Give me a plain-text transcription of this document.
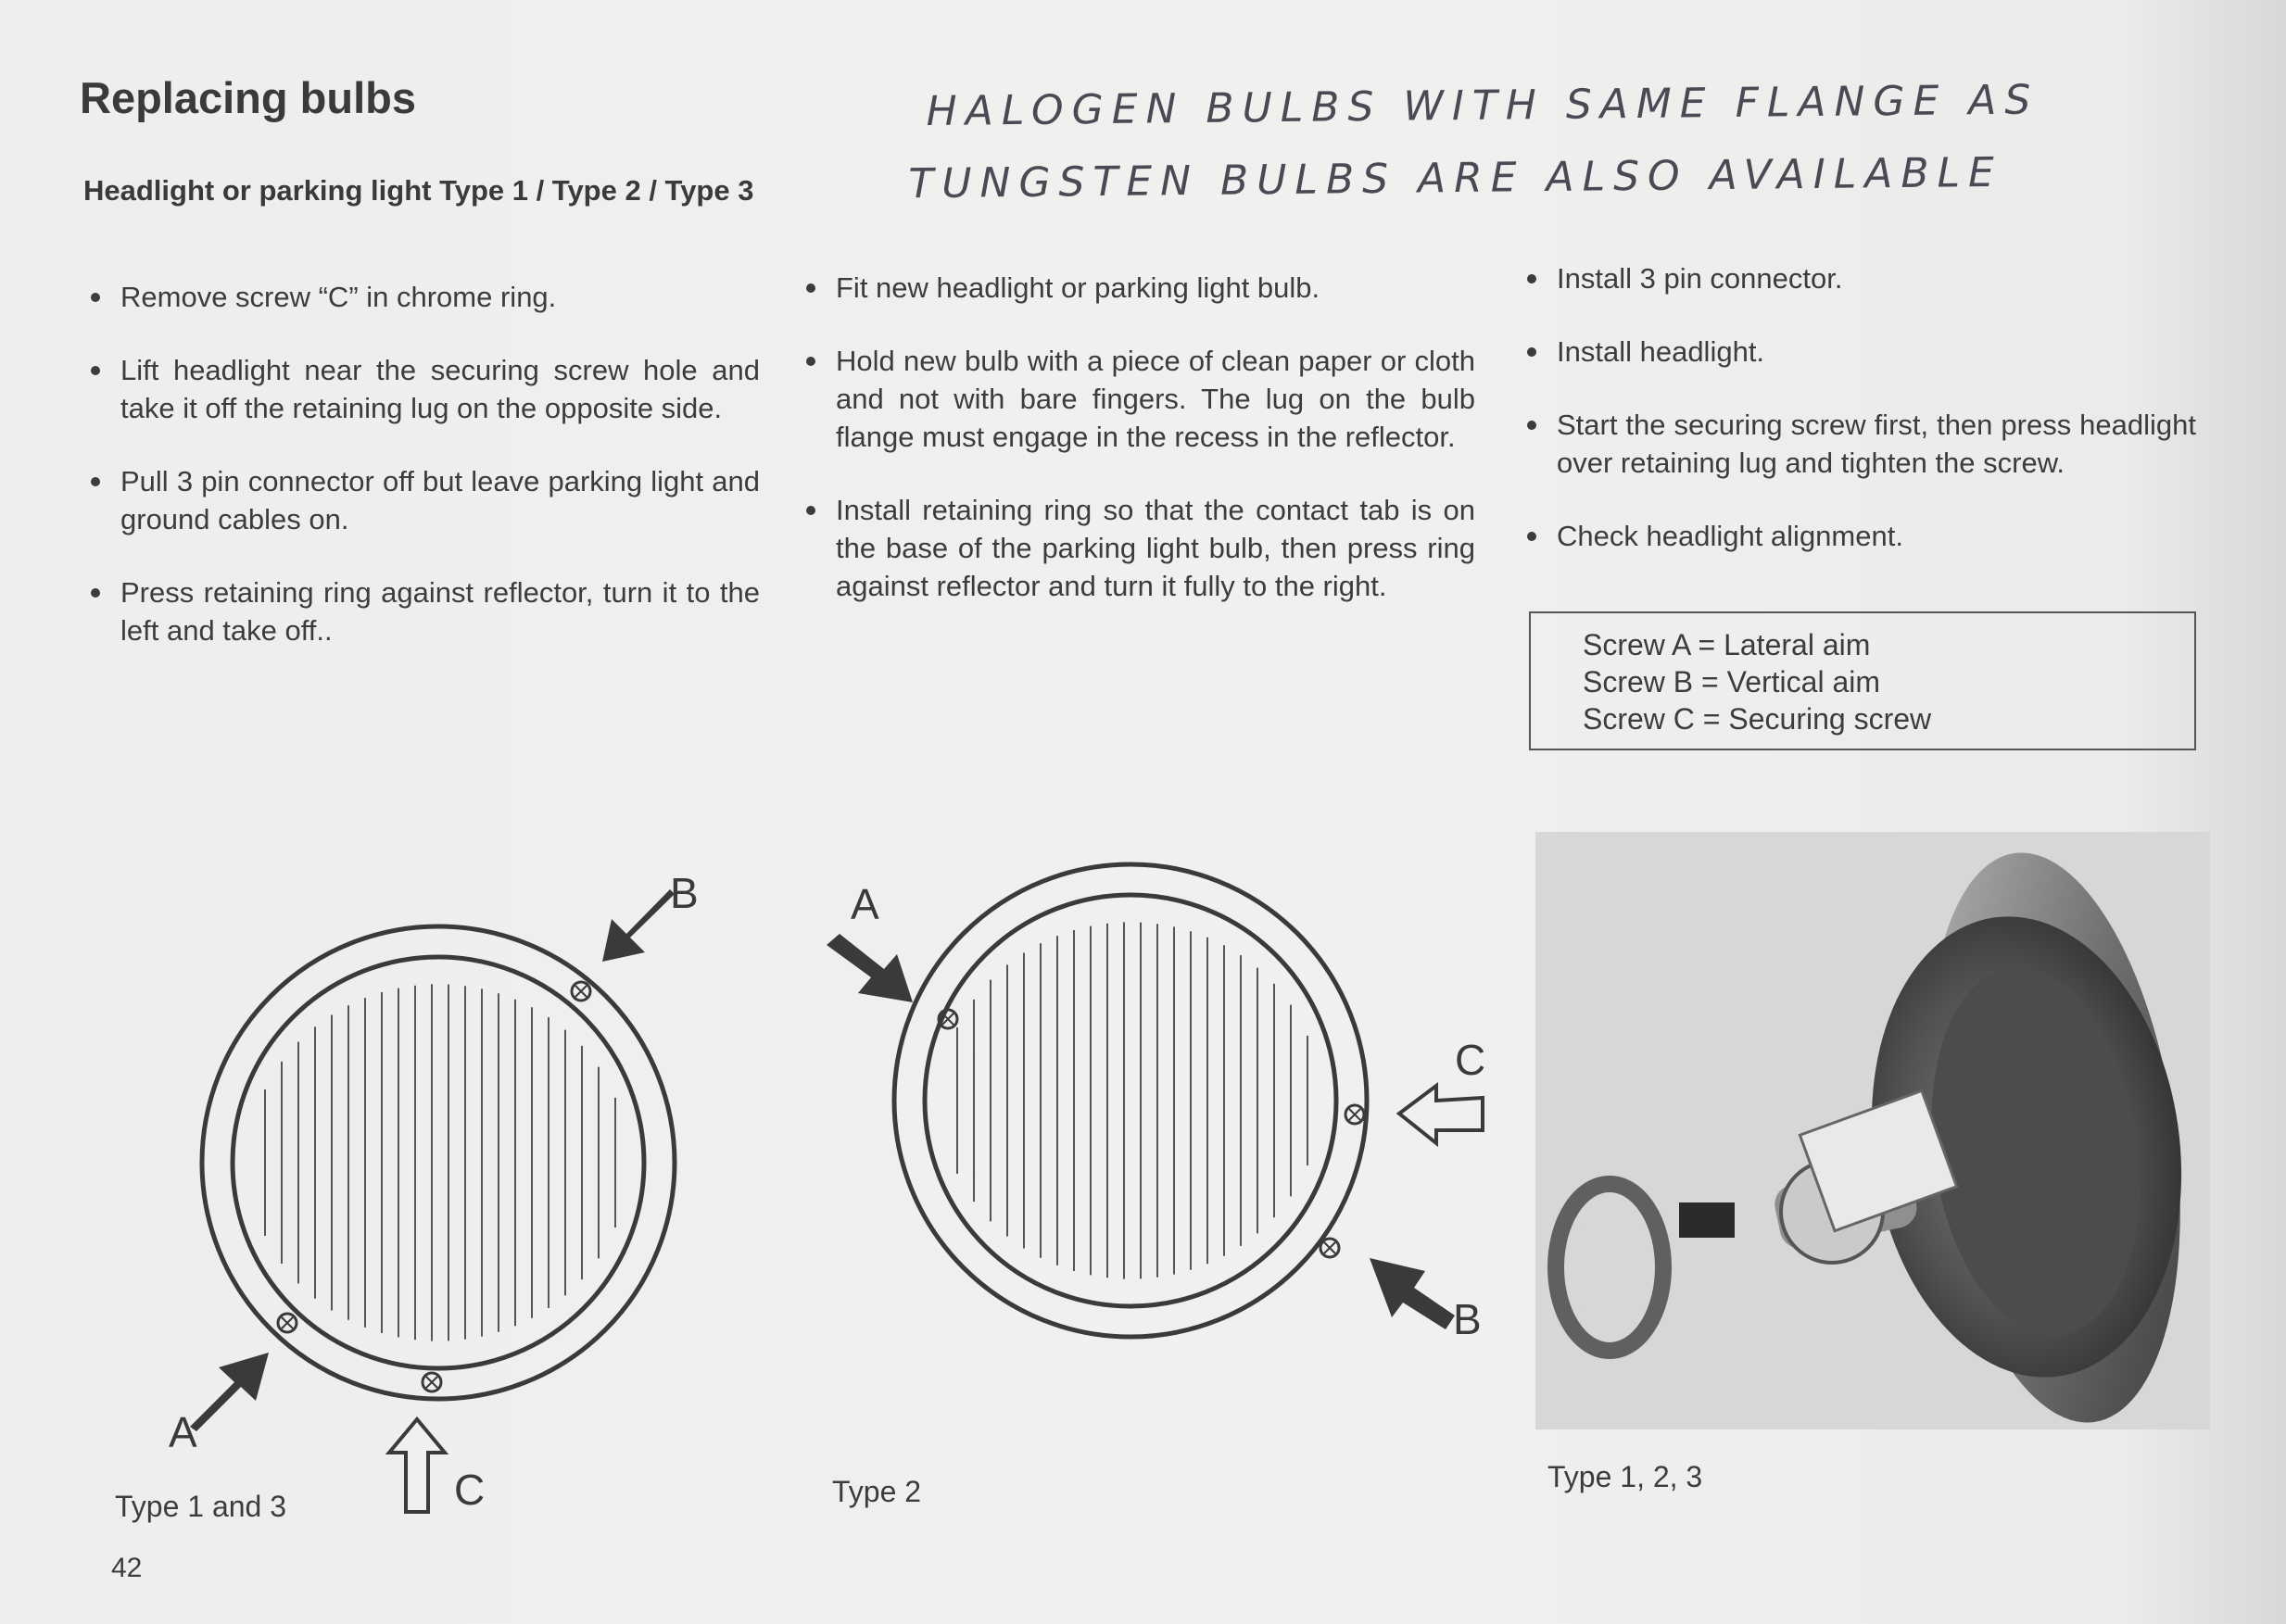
Replacing bulbs
Headlight or parking light Type 1 / Type 2 / Type 3
HALOGEN BULBS WITH SAME FLANGE AS
TUNGSTEN BULBS ARE ALSO AVAILABLE
Remove screw “C” in chrome ring.
Lift headlight near the securing screw hole and take it off the retaining lug on the opposite side.
Pull 3 pin connector off but leave parking light and ground cables on.
Press retaining ring against reflector, turn it to the left and take off..
Fit new headlight or parking light bulb.
Hold new bulb with a piece of clean paper or cloth and not with bare fingers. The lug on the bulb flange must engage in the recess in the reflector.
Install retaining ring so that the contact tab is on the base of the parking light bulb, then press ring against reflector and turn it fully to the right.
Install 3 pin connector.
Install headlight.
Start the securing screw first, then press headlight over retaining lug and tighten the screw.
Check headlight alignment.
Screw A = Lateral aim
Screw B = Vertical aim
Screw C = Securing screw
B
A
C
Type 1 and 3
A
C
B
Type 2	Type 1, 2, 3
42
